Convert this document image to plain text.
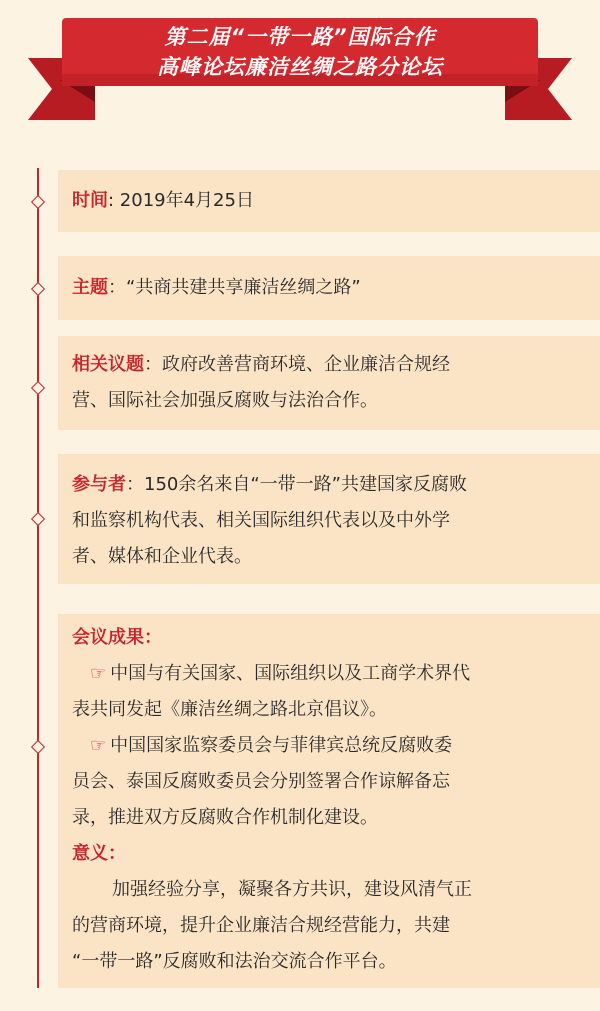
第二届“一带一路”国际合作
高峰论坛廉洁丝绸之路分论坛
时间: 2019年4月25日
主题：“共商共建共享廉洁丝绸之路”
相关议题：政府改善营商环境、企业廉洁合规经
营、国际社会加强反腐败与法治合作。
参与者：150余名来自“一带一路”共建国家反腐败
和监察机构代表、相关国际组织代表以及中外学
者、媒体和企业代表。
会议成果：
☞ 中国与有关国家、国际组织以及工商学术界代
表共同发起《廉洁丝绸之路北京倡议》。
☞ 中国国家监察委员会与菲律宾总统反腐败委
员会、泰国反腐败委员会分别签署合作谅解备忘
录，推进双方反腐败合作机制化建设。
意义：
加强经验分享，凝聚各方共识，建设风清气正
的营商环境，提升企业廉洁合规经营能力，共建
“一带一路”反腐败和法治交流合作平台。
